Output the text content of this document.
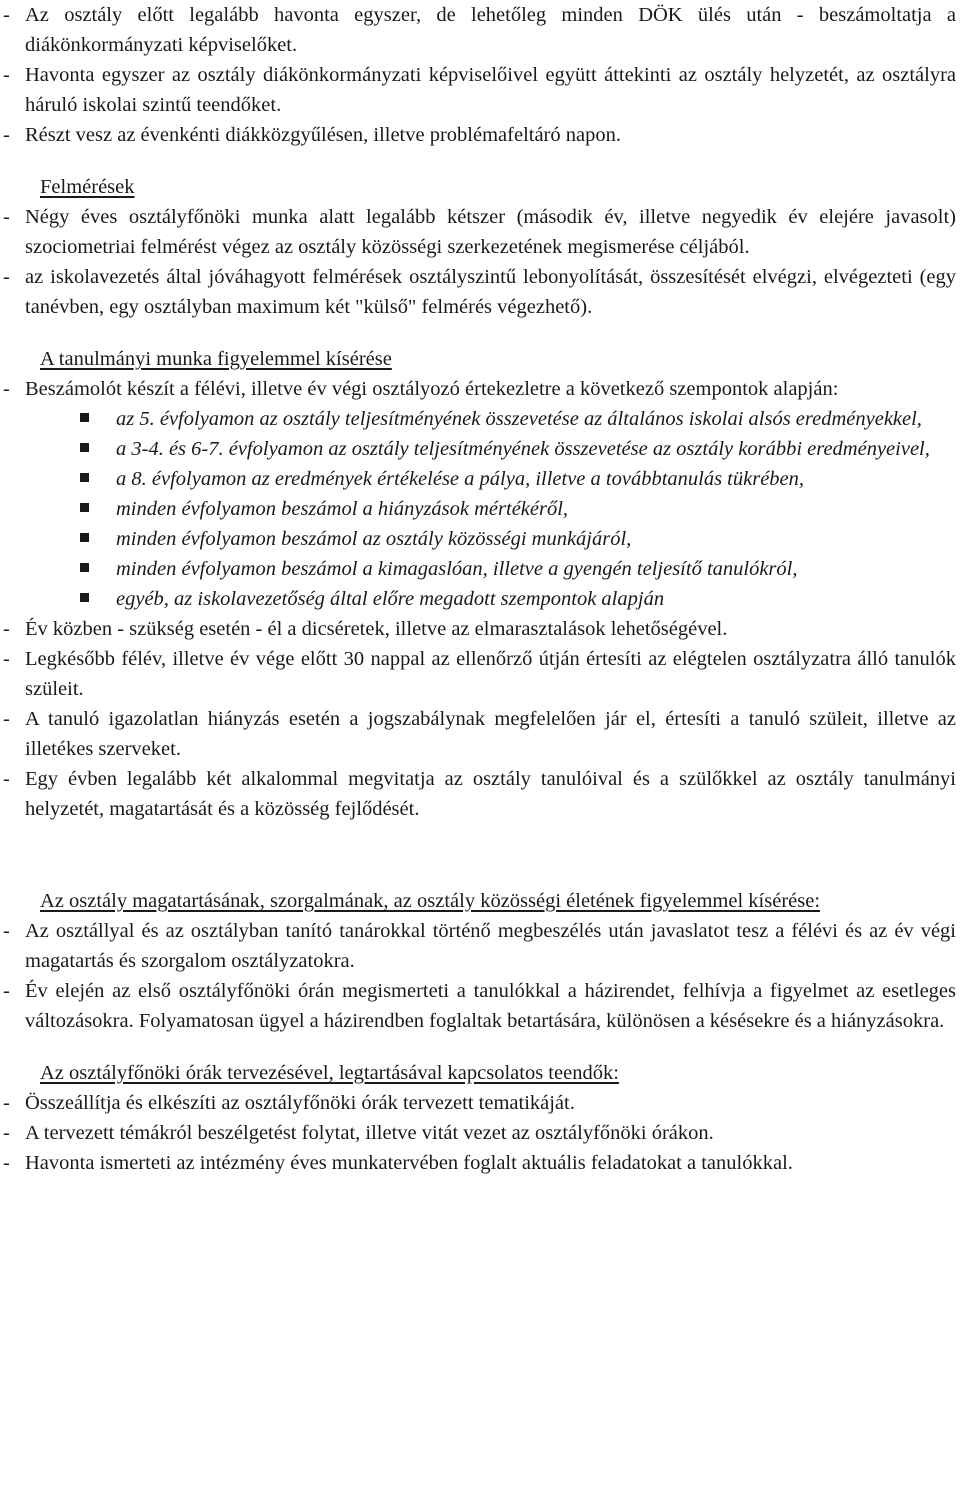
- Az osztály előtt legalább havonta egyszer, de lehetőleg minden DÖK ülés után - beszámoltatja a diákönkormányzati képviselőket.
- Havonta egyszer az osztály diákönkormányzati képviselőivel együtt áttekinti az osztály helyzetét, az osztályra háruló iskolai szintű teendőket.
- Részt vesz az évenkénti diákközgyűlésen, illetve problémafeltáró napon.
Felmérések
- Négy éves osztályfőnöki munka alatt legalább kétszer (második év, illetve negyedik év elejére javasolt) szociometriai felmérést végez az osztály közösségi szerkezetének megismerése céljából.
- az iskolavezetés által jóváhagyott felmérések osztályszintű lebonyolítását, összesítését elvégzi, elvégezteti (egy tanévben, egy osztályban maximum két "külső" felmérés végezhető).
A tanulmányi munka figyelemmel kísérése
- Beszámolót készít a félévi, illetve év végi osztályozó értekezletre a következő szempontok alapján:
az 5. évfolyamon az osztály teljesítményének összevetése az általános iskolai alsós eredményekkel,
a 3-4. és 6-7. évfolyamon az osztály teljesítményének összevetése az osztály korábbi eredményeivel,
a 8. évfolyamon az eredmények értékelése a pálya, illetve a továbbtanulás tükrében,
minden évfolyamon beszámol a hiányzások mértékéről,
minden évfolyamon beszámol az osztály közösségi munkájáról,
minden évfolyamon beszámol a kimagaslóan, illetve a gyengén teljesítő tanulókról,
egyéb, az iskolavezetőség által előre megadott szempontok alapján
- Év közben - szükség esetén - él a dicséretek, illetve az elmarasztalások lehetőségével.
- Legkésőbb félév, illetve év vége előtt 30 nappal az ellenőrző útján értesíti az elégtelen osztályzatra álló tanulók szüleit.
- A tanuló igazolatlan hiányzás esetén a jogszabálynak megfelelően jár el, értesíti a tanuló szüleit, illetve az illetékes szerveket.
- Egy évben legalább két alkalommal megvitatja az osztály tanulóival és a szülőkkel az osztály tanulmányi helyzetét, magatartását és a közösség fejlődését.
Az osztály magatartásának, szorgalmának, az osztály közösségi életének figyelemmel kísérése:
- Az osztállyal és az osztályban tanító tanárokkal történő megbeszélés után javaslatot tesz a félévi és az év végi magatartás és szorgalom osztályzatokra.
- Év elején az első osztályfőnöki órán megismerteti a tanulókkal a házirendet, felhívja a figyelmet az esetleges változásokra. Folyamatosan ügyel a házirendben foglaltak betartására, különösen a késésekre és a hiányzásokra.
Az osztályfőnöki órák tervezésével, legtartásával kapcsolatos teendők:
- Összeállítja és elkészíti az osztályfőnöki órák tervezett tematikáját.
- A tervezett témákról beszélgetést folytat, illetve vitát vezet az osztályfőnöki órákon.
- Havonta ismerteti az intézmény éves munkatervében foglalt aktuális feladatokat a tanulókkal.
